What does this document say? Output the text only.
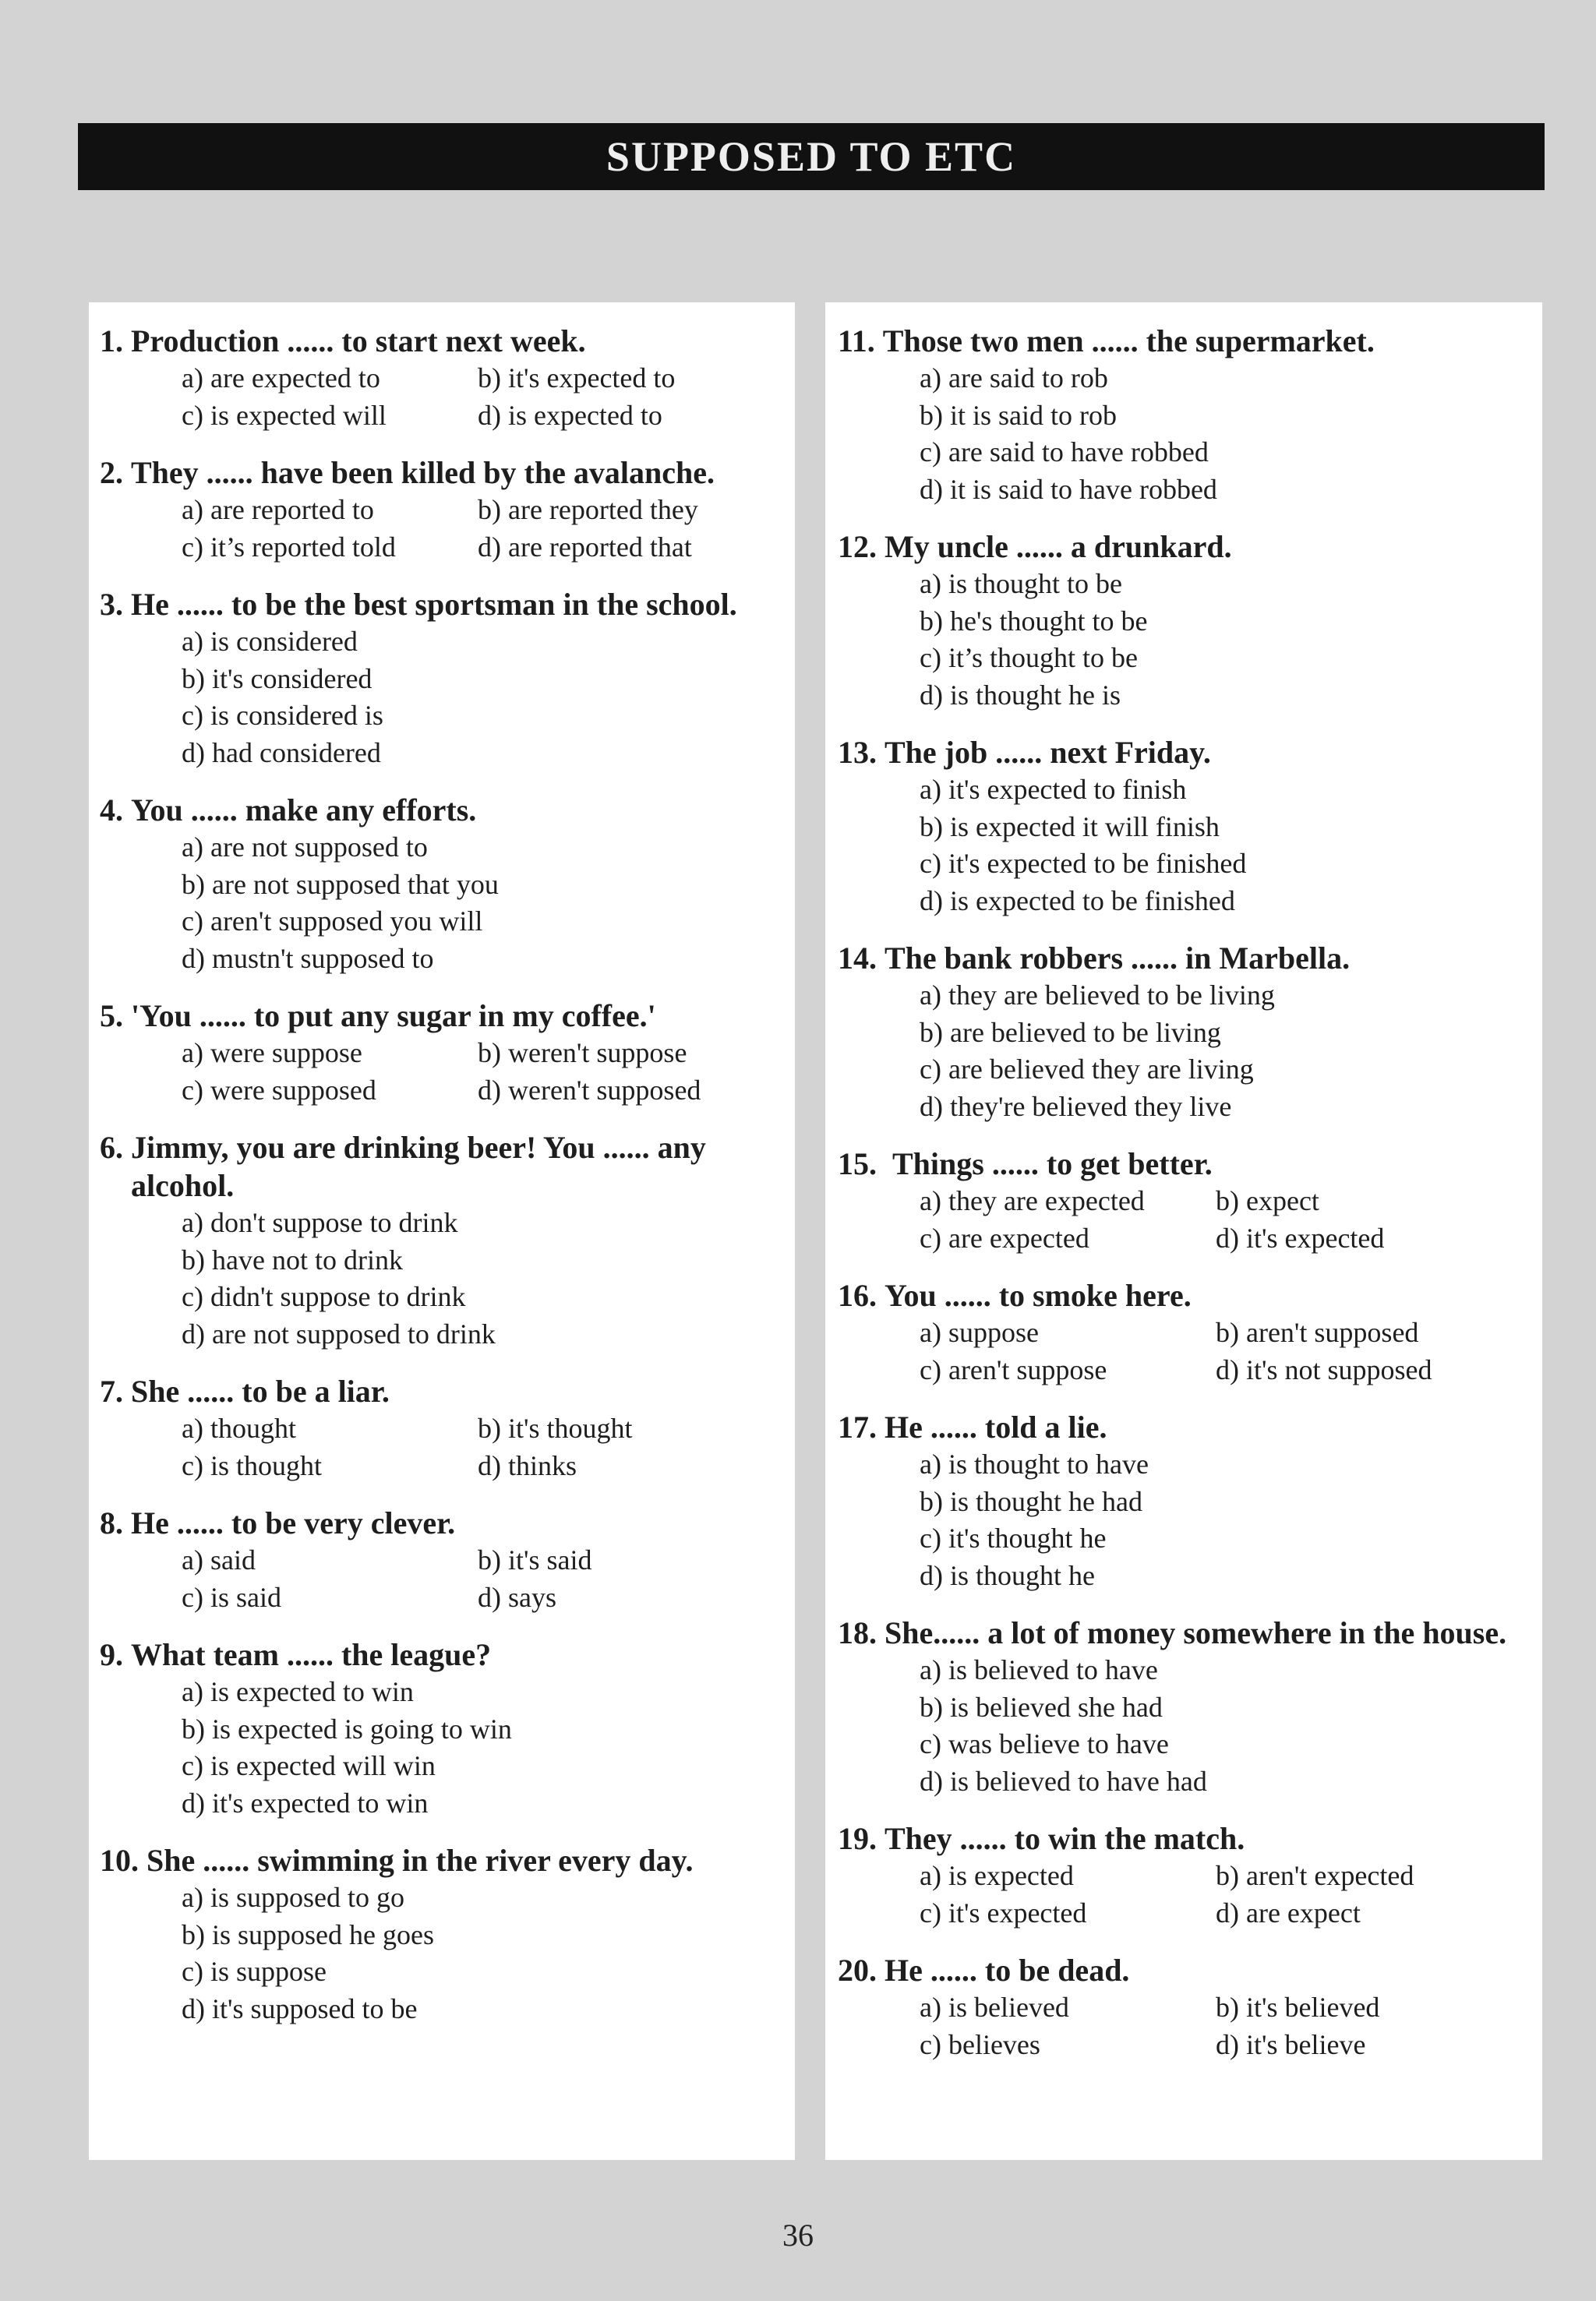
SUPPOSED TO ETC
1. Production ...... to start next week.
a) are expected to	b) it's expected to
c) is expected will	d) is expected to
2. They ...... have been killed by the avalanche.
a) are reported to	b) are reported they
c) it’s reported told	d) are reported that
3. He ...... to be the best sportsman in the school.
a) is considered
b) it's considered
c) is considered is
d) had considered
4. You ...... make any efforts.
a) are not supposed to
b) are not supposed that you
c) aren't supposed you will
d) mustn't supposed to
5. 'You ...... to put any sugar in my coffee.'
a) were suppose	b) weren't suppose
c) were supposed	d) weren't supposed
6. Jimmy, you are drinking beer! You ...... any alcohol.
a) don't suppose to drink
b) have not to drink
c) didn't suppose to drink
d) are not supposed to drink
7. She ...... to be a liar.
a) thought	b) it's thought
c) is thought	d) thinks
8. He ...... to be very clever.
a) said	b) it's said
c) is said	d) says
9. What team ...... the league?
a) is expected to win
b) is expected is going to win
c) is expected will win
d) it's expected to win
10. She ...... swimming in the river every day.
a) is supposed to go
b) is supposed he goes
c) is suppose
d) it's supposed to be
11. Those two men ...... the supermarket.
a) are said to rob
b) it is said to rob
c) are said to have robbed
d) it is said to have robbed
12. My uncle ...... a drunkard.
a) is thought to be
b) he's thought to be
c) it’s thought to be
d) is thought he is
13. The job ...... next Friday.
a) it's expected to finish
b) is expected it will finish
c) it's expected to be finished
d) is expected to be finished
14. The bank robbers ...... in Marbella.
a) they are believed to be living
b) are believed to be living
c) are believed they are living
d) they're believed they live
15. Things ...... to get better.
a) they are expected	b) expect
c) are expected	d) it's expected
16. You ...... to smoke here.
a) suppose	b) aren't supposed
c) aren't suppose	d) it's not supposed
17. He ...... told a lie.
a) is thought to have
b) is thought he had
c) it's thought he
d) is thought he
18. She...... a lot of money somewhere in the house.
a) is believed to have
b) is believed she had
c) was believe to have
d) is believed to have had
19. They ...... to win the match.
a) is expected	b) aren't expected
c) it's expected	d) are expect
20. He ...... to be dead.
a) is believed	b) it's believed
c) believes	d) it's believe
36
